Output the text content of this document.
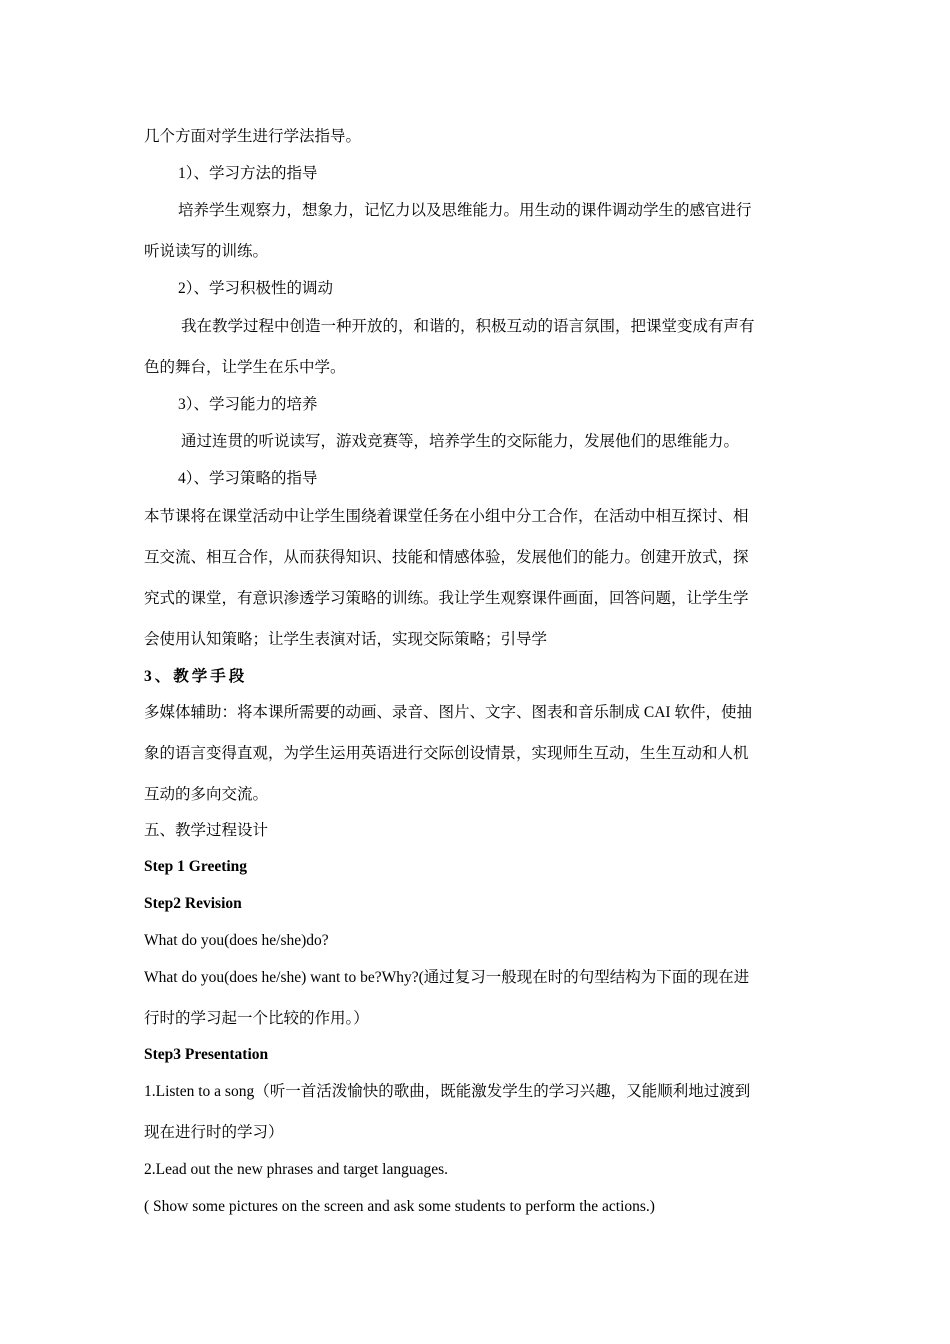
几个方面对学生进行学法指导。
1）、学习方法的指导
培养学生观察力，想象力，记忆力以及思维能力。用生动的课件调动学生的感官进行
听说读写的训练。
2）、学习积极性的调动
我在教学过程中创造一种开放的，和谐的，积极互动的语言氛围，把课堂变成有声有
色的舞台，让学生在乐中学。
3）、学习能力的培养
通过连贯的听说读写，游戏竞赛等，培养学生的交际能力，发展他们的思维能力。
4）、学习策略的指导
本节课将在课堂活动中让学生围绕着课堂任务在小组中分工合作，在活动中相互探讨、相
互交流、相互合作，从而获得知识、技能和情感体验，发展他们的能力。创建开放式，探
究式的课堂，有意识渗透学习策略的训练。我让学生观察课件画面，回答问题，让学生学
会使用认知策略；让学生表演对话，实现交际策略；引导学
3、教学手段
多媒体辅助：将本课所需要的动画、录音、图片、文字、图表和音乐制成 CAI 软件，使抽
象的语言变得直观，为学生运用英语进行交际创设情景，实现师生互动，生生互动和人机
互动的多向交流。
五、教学过程设计
Step 1 Greeting
Step2 Revision
What do you(does he/she)do?
What do you(does he/she) want to be?Why?(通过复习一般现在时的句型结构为下面的现在进
行时的学习起一个比较的作用。）
Step3 Presentation
1.Listen to a song（听一首活泼愉快的歌曲，既能激发学生的学习兴趣，又能顺利地过渡到
现在进行时的学习）
2.Lead out the new phrases and target languages.
( Show some pictures on the screen and ask some students to perform the actions.)
